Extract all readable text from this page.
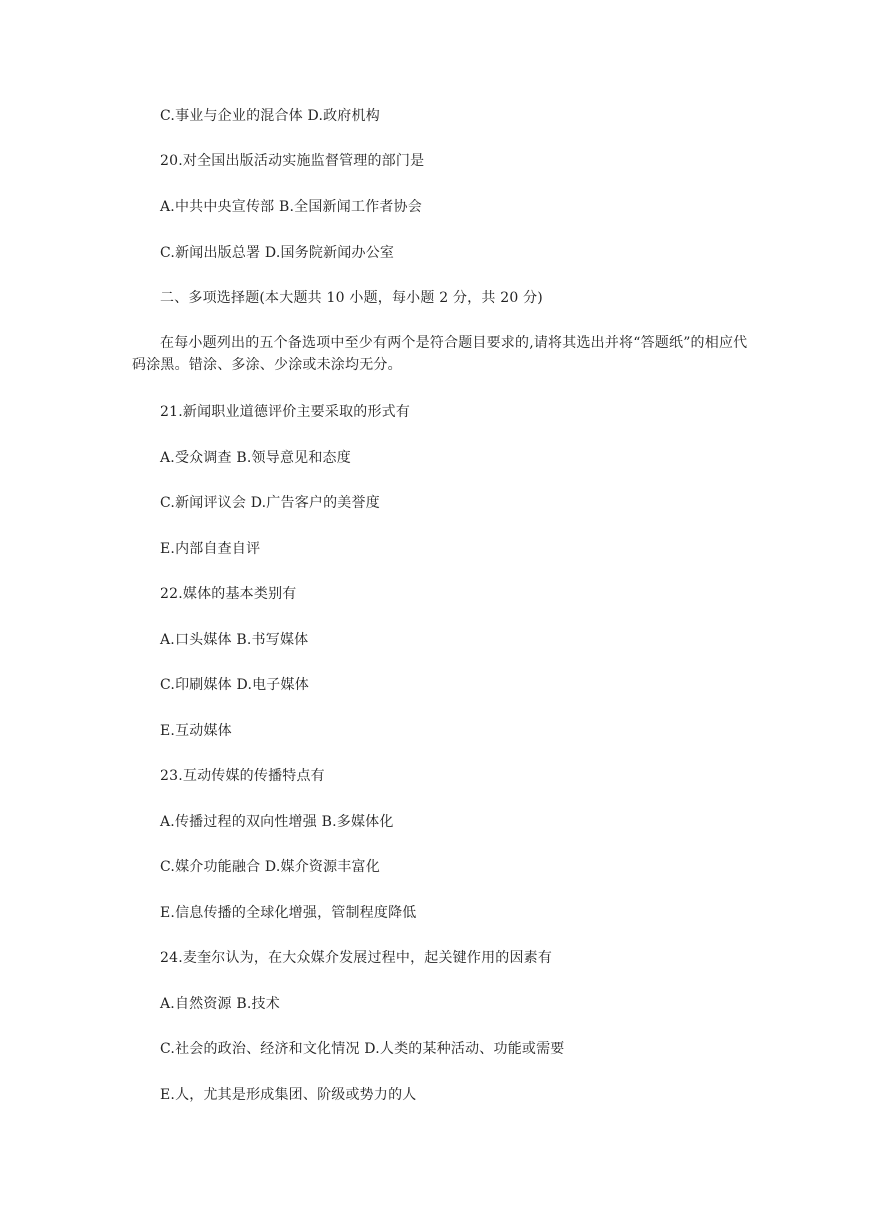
C.事业与企业的混合体 D.政府机构
20.对全国出版活动实施监督管理的部门是
A.中共中央宣传部 B.全国新闻工作者协会
C.新闻出版总署 D.国务院新闻办公室
二、多项选择题(本大题共 10 小题，每小题 2 分，共 20 分)
在每小题列出的五个备选项中至少有两个是符合题目要求的,请将其选出并将“答题纸”的相应代码涂黑。错涂、多涂、少涂或未涂均无分。
21.新闻职业道德评价主要采取的形式有
A.受众调查 B.领导意见和态度
C.新闻评议会 D.广告客户的美誉度
E.内部自查自评
22.媒体的基本类别有
A.口头媒体 B.书写媒体
C.印刷媒体 D.电子媒体
E.互动媒体
23.互动传媒的传播特点有
A.传播过程的双向性增强 B.多媒体化
C.媒介功能融合 D.媒介资源丰富化
E.信息传播的全球化增强，管制程度降低
24.麦奎尔认为，在大众媒介发展过程中，起关键作用的因素有
A.自然资源 B.技术
C.社会的政治、经济和文化情况 D.人类的某种活动、功能或需要
E.人，尤其是形成集团、阶级或势力的人
